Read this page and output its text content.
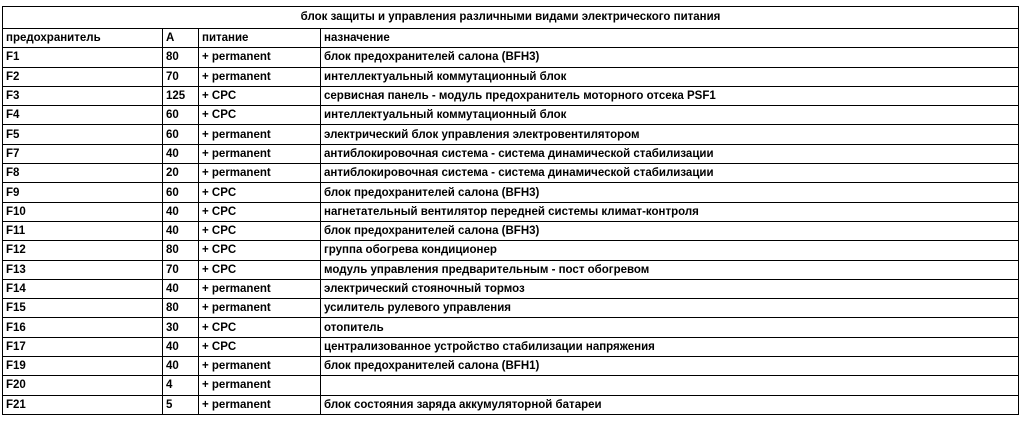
блок защиты и управления различными видами электрического питания			
предохранитель	A	питание	назначение
F1	80	+ permanent	блок предохранителей салона (BFH3)
F2	70	+ permanent	интеллектуальный коммутационный блок
F3	125	+ CPC	сервисная панель - модуль предохранитель моторного отсека PSF1
F4	60	+ CPC	интеллектуальный коммутационный блок
F5	60	+ permanent	электрический блок управления электровентилятором
F7	40	+ permanent	антиблокировочная система - система динамической стабилизации
F8	20	+ permanent	антиблокировочная система - система динамической стабилизации
F9	60	+ CPC	блок предохранителей салона (BFH3)
F10	40	+ CPC	нагнетательный вентилятор передней системы климат-контроля
F11	40	+ CPC	блок предохранителей салона (BFH3)
F12	80	+ CPC	группа обогрева кондиционер
F13	70	+ CPC	модуль управления предварительным - пост обогревом
F14	40	+ permanent	электрический стояночный тормоз
F15	80	+ permanent	усилитель рулевого управления
F16	30	+ CPC	отопитель
F17	40	+ CPC	централизованное устройство стабилизации напряжения
F19	40	+ permanent	блок предохранителей салона (BFH1)
F20	4	+ permanent	
F21	5	+ permanent	блок состояния заряда аккумуляторной батареи
